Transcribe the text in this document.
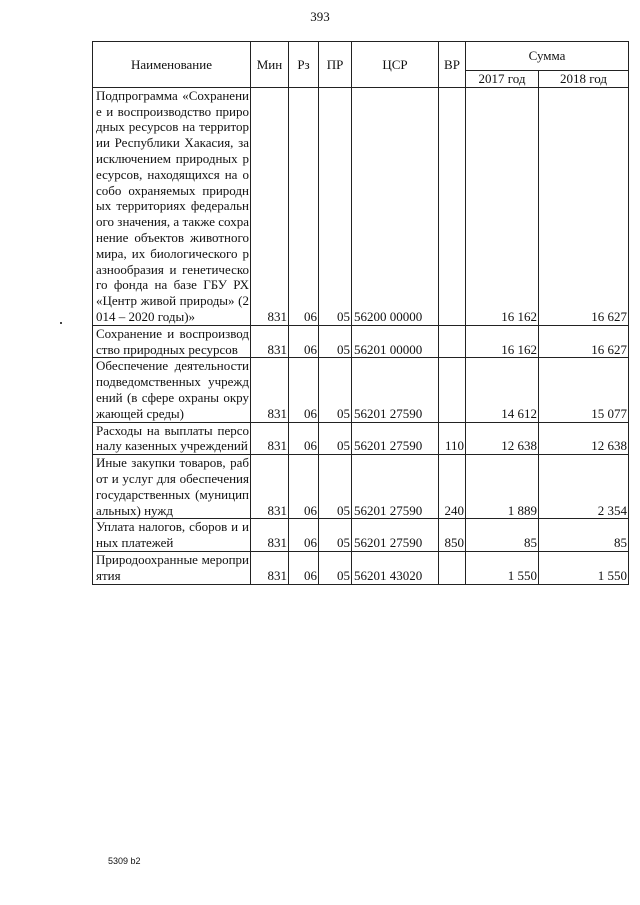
393
Наименование	Мин	Рз	ПР	ЦСР	ВР	Сумма	
						2017 год	2018 год
Подпрограмма «Сохранение и воспроизводство природных ресурсов на территории Республики Хакасия, за исключением природных ресурсов, находящихся на особо охраняемых природных территориях федерального значения, а также сохранение объектов животного мира, их биологического разнообразия и генетического фонда на базе ГБУ РХ «Центр живой природы» (2014 – 2020 годы)»	831	06	05	56200 00000		16 162	16 627
Сохранение и воспроизводство природных ресурсов	831	06	05	56201 00000		16 162	16 627
Обеспечение деятельности подведомственных учреждений (в сфере охраны окружающей среды)	831	06	05	56201 27590		14 612	15 077
Расходы на выплаты персоналу казенных учреждений	831	06	05	56201 27590	110	12 638	12 638
Иные закупки товаров, работ и услуг для обеспечения государственных (муниципальных) нужд	831	06	05	56201 27590	240	1 889	2 354
Уплата налогов, сборов и иных платежей	831	06	05	56201 27590	850	85	85
Природоохранные мероприятия	831	06	05	56201 43020		1 550	1 550
5309 b2
